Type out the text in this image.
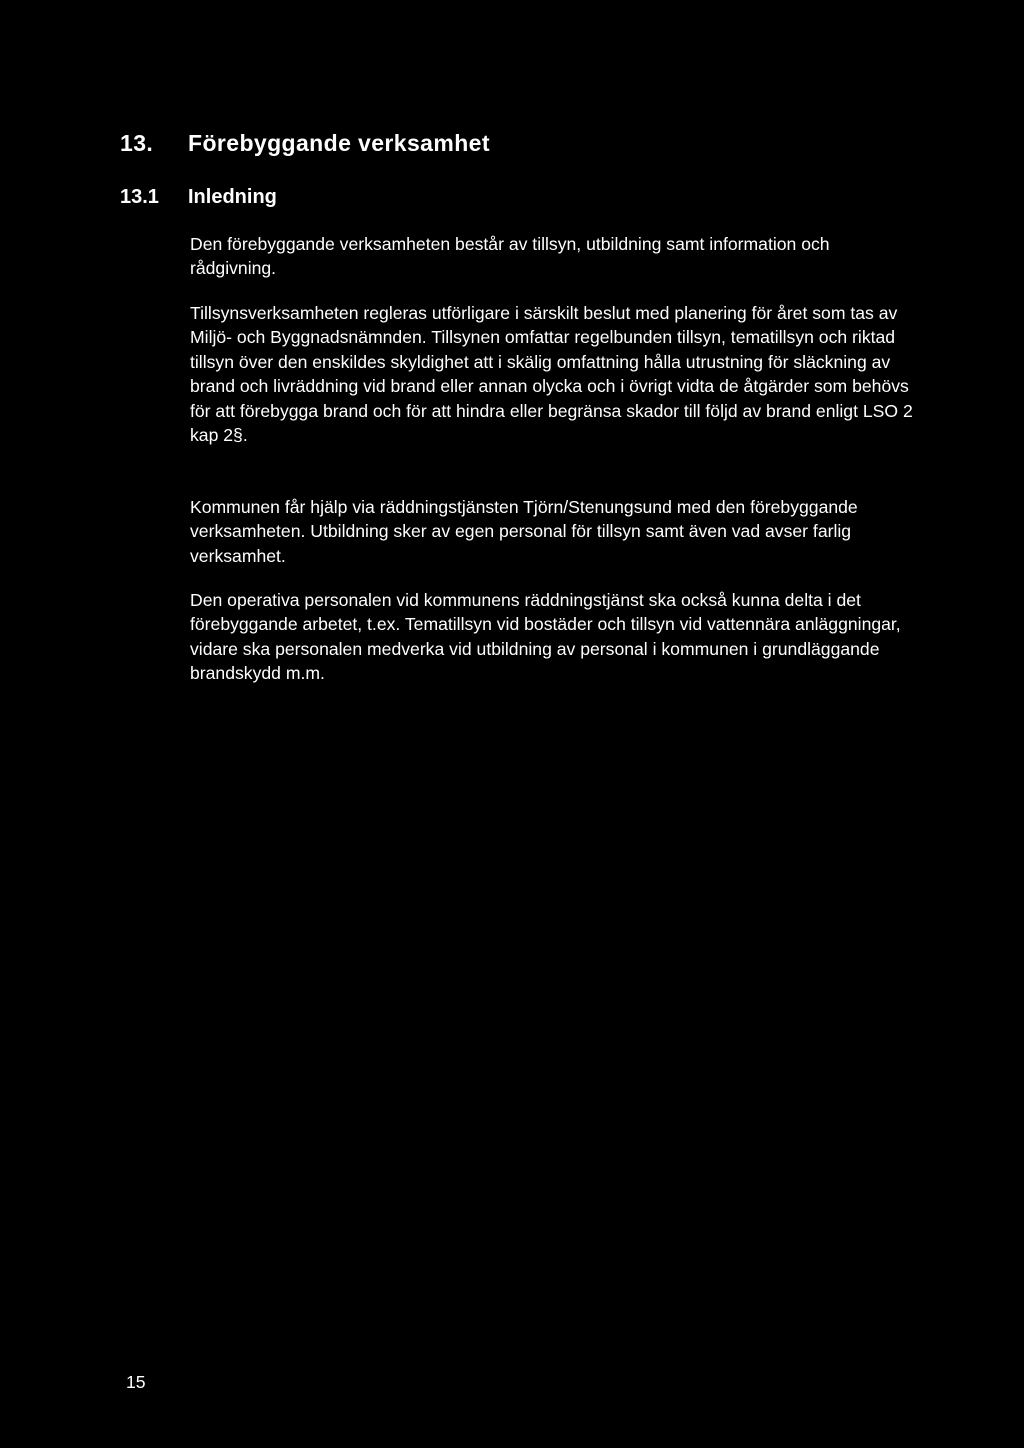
13. Förebyggande verksamhet
13.1 Inledning

Den förebyggande verksamheten består av tillsyn, utbildning samt information och rådgivning.

Tillsynsverksamheten regleras utförligare i särskilt beslut med planering för året som tas av Miljö- och Byggnadsnämnden. Tillsynen omfattar regelbunden tillsyn, tematillsyn och riktad tillsyn över den enskildes skyldighet att i skälig omfattning hålla utrustning för släckning av brand och livräddning vid brand eller annan olycka och i övrigt vidta de åtgärder som behövs för att förebygga brand och för att hindra eller begränsa skador till följd av brand enligt LSO 2 kap 2§.

Kommunen får hjälp via räddningstjänsten Tjörn/Stenungsund med den förebyggande verksamheten. Utbildning sker av egen personal för tillsyn samt även vad avser farlig verksamhet.

Den operativa personalen vid kommunens räddningstjänst ska också kunna delta i det förebyggande arbetet, t.ex. Tematillsyn vid bostäder och tillsyn vid vattennära anläggningar, vidare ska personalen medverka vid utbildning av personal i kommunen i grundläggande brandskydd m.m.

15
